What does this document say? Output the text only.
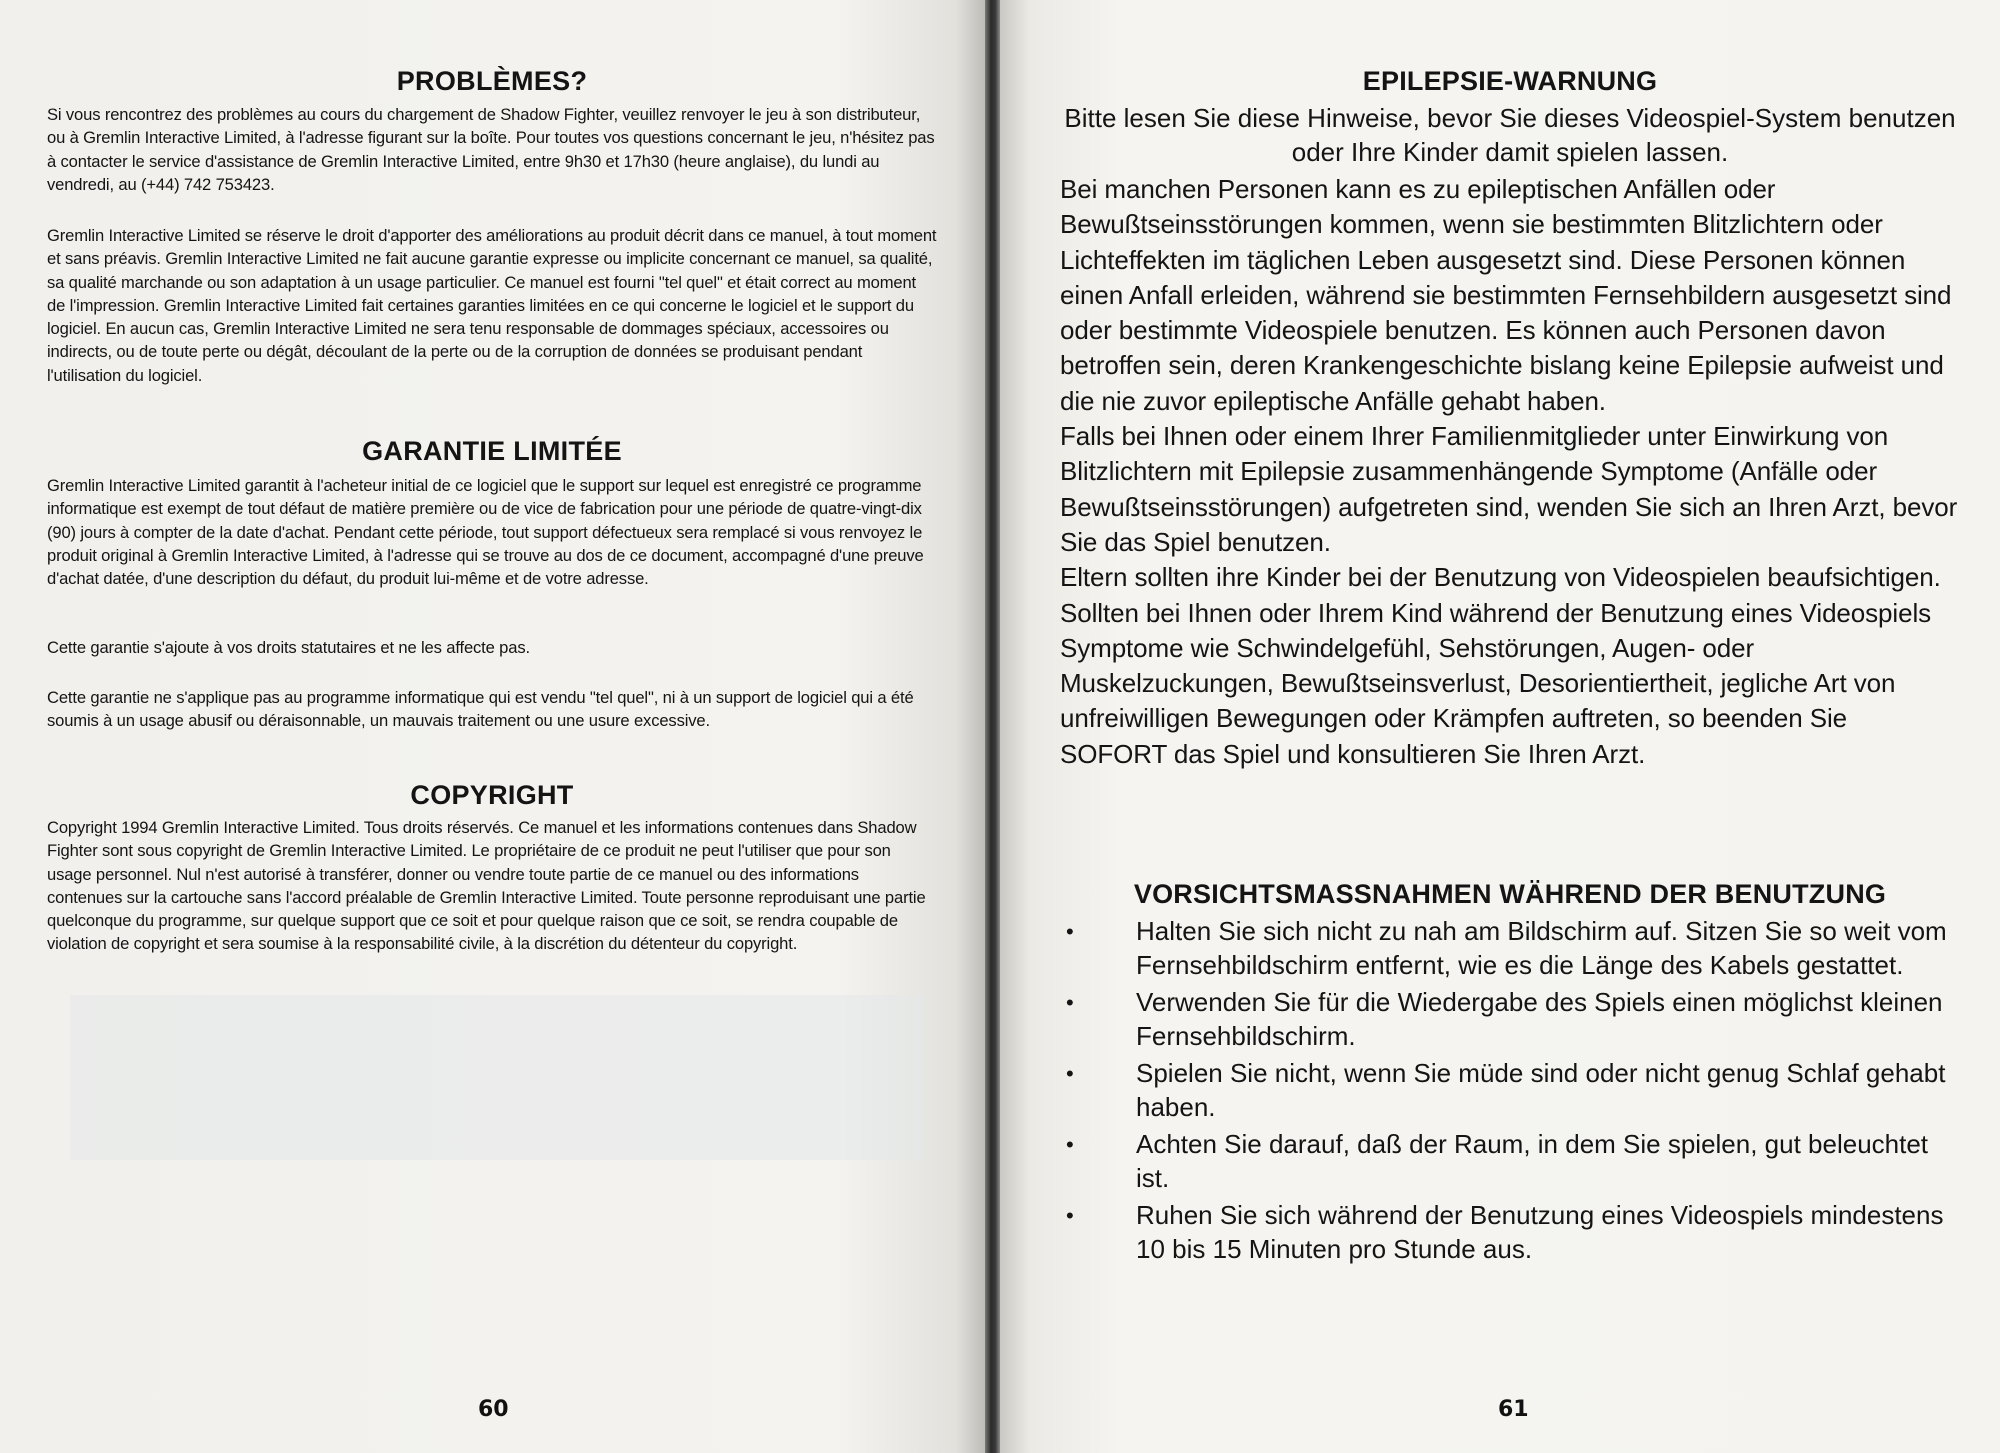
PROBLÈMES?

Si vous rencontrez des problèmes au cours du chargement de Shadow Fighter, veuillez renvoyer le jeu à son distributeur, ou à Gremlin Interactive Limited, à l'adresse figurant sur la boîte. Pour toutes vos questions concernant le jeu, n'hésitez pas à contacter le service d'assistance de Gremlin Interactive Limited, entre 9h30 et 17h30 (heure anglaise), du lundi au vendredi, au (+44) 742 753423.

Gremlin Interactive Limited se réserve le droit d'apporter des améliorations au produit décrit dans ce manuel, à tout moment et sans préavis. Gremlin Interactive Limited ne fait aucune garantie expresse ou implicite concernant ce manuel, sa qualité, sa qualité marchande ou son adaptation à un usage particulier. Ce manuel est fourni "tel quel" et était correct au moment de l'impression. Gremlin Interactive Limited fait certaines garanties limitées en ce qui concerne le logiciel et le support du logiciel. En aucun cas, Gremlin Interactive Limited ne sera tenu responsable de dommages spéciaux, accessoires ou indirects, ou de toute perte ou dégât, découlant de la perte ou de la corruption de données se produisant pendant l'utilisation du logiciel.

GARANTIE LIMITÉE

Gremlin Interactive Limited garantit à l'acheteur initial de ce logiciel que le support sur lequel est enregistré ce programme informatique est exempt de tout défaut de matière première ou de vice de fabrication pour une période de quatre-vingt-dix (90) jours à compter de la date d'achat. Pendant cette période, tout support défectueux sera remplacé si vous renvoyez le produit original à Gremlin Interactive Limited, à l'adresse qui se trouve au dos de ce document, accompagné d'une preuve d'achat datée, d'une description du défaut, du produit lui-même et de votre adresse.

Cette garantie s'ajoute à vos droits statutaires et ne les affecte pas.

Cette garantie ne s'applique pas au programme informatique qui est vendu "tel quel", ni à un support de logiciel qui a été soumis à un usage abusif ou déraisonnable, un mauvais traitement ou une usure excessive.

COPYRIGHT

Copyright 1994 Gremlin Interactive Limited. Tous droits réservés. Ce manuel et les informations contenues dans Shadow Fighter sont sous copyright de Gremlin Interactive Limited. Le propriétaire de ce produit ne peut l'utiliser que pour son usage personnel. Nul n'est autorisé à transférer, donner ou vendre toute partie de ce manuel ou des informations contenues sur la cartouche sans l'accord préalable de Gremlin Interactive Limited. Toute personne reproduisant une partie quelconque du programme, sur quelque support que ce soit et pour quelque raison que ce soit, se rendra coupable de violation de copyright et sera soumise à la responsabilité civile, à la discrétion du détenteur du copyright.

60
EPILEPSIE-WARNUNG

Bitte lesen Sie diese Hinweise, bevor Sie dieses Videospiel-System benutzen oder Ihre Kinder damit spielen lassen.

Bei manchen Personen kann es zu epileptischen Anfällen oder Bewußtseinsstörungen kommen, wenn sie bestimmten Blitzlichtern oder Lichteffekten im täglichen Leben ausgesetzt sind. Diese Personen können einen Anfall erleiden, während sie bestimmten Fernsehbildern ausgesetzt sind oder bestimmte Videospiele benutzen. Es können auch Personen davon betroffen sein, deren Krankengeschichte bislang keine Epilepsie aufweist und die nie zuvor epileptische Anfälle gehabt haben.

Falls bei Ihnen oder einem Ihrer Familienmitglieder unter Einwirkung von Blitzlichtern mit Epilepsie zusammenhängende Symptome (Anfälle oder Bewußtseinsstörungen) aufgetreten sind, wenden Sie sich an Ihren Arzt, bevor Sie das Spiel benutzen.

Eltern sollten ihre Kinder bei der Benutzung von Videospielen beaufsichtigen. Sollten bei Ihnen oder Ihrem Kind während der Benutzung eines Videospiels Symptome wie Schwindelgefühl, Sehstörungen, Augen- oder Muskelzuckungen, Bewußtseinsverlust, Desorientiertheit, jegliche Art von unfreiwilligen Bewegungen oder Krämpfen auftreten, so beenden Sie SOFORT das Spiel und konsultieren Sie Ihren Arzt.

VORSICHTSMASSNAHMEN WÄHREND DER BENUTZUNG
• Halten Sie sich nicht zu nah am Bildschirm auf. Sitzen Sie so weit vom Fernsehbildschirm entfernt, wie es die Länge des Kabels gestattet.
• Verwenden Sie für die Wiedergabe des Spiels einen möglichst kleinen Fernsehbildschirm.
• Spielen Sie nicht, wenn Sie müde sind oder nicht genug Schlaf gehabt haben.
• Achten Sie darauf, daß der Raum, in dem Sie spielen, gut beleuchtet ist.
• Ruhen Sie sich während der Benutzung eines Videospiels mindestens 10 bis 15 Minuten pro Stunde aus.
61
